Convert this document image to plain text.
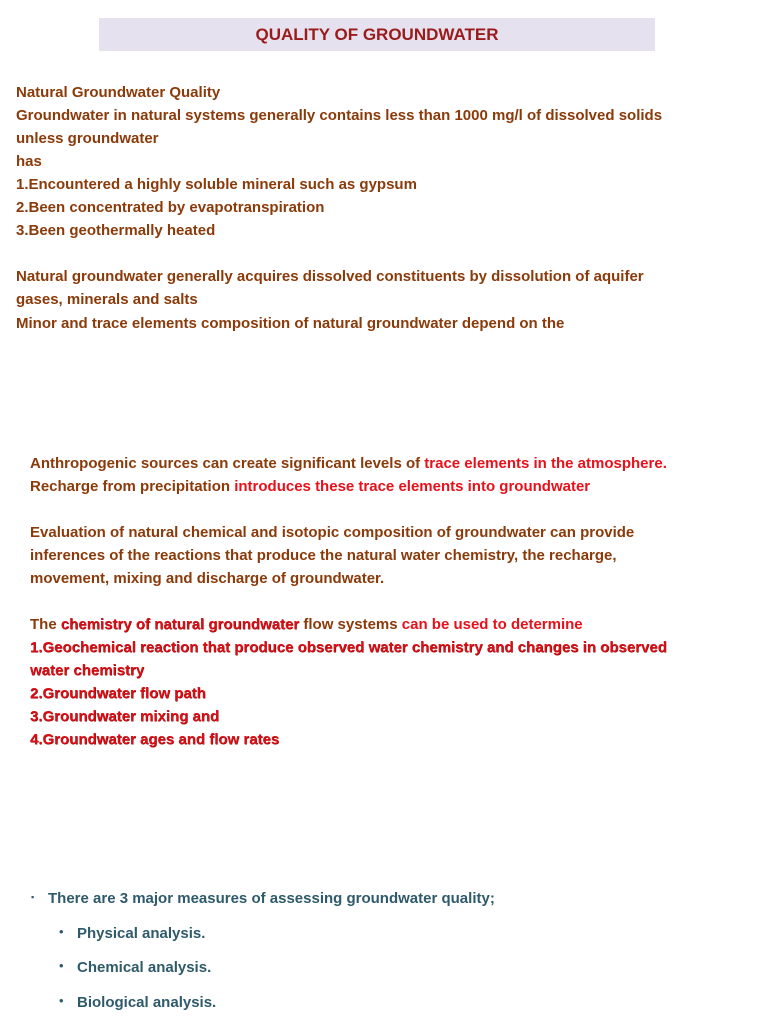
QUALITY OF GROUNDWATER
Natural Groundwater Quality
Groundwater in natural systems generally contains less than 1000 mg/l of dissolved solids
unless groundwater
has
1.Encountered a highly soluble mineral such as gypsum
2.Been concentrated by evapotranspiration
3.Been geothermally heated
Natural groundwater generally acquires dissolved constituents by dissolution of aquifer
gases, minerals and salts
Minor and trace elements composition of natural groundwater depend on the
Anthropogenic sources can create significant levels of trace elements in the atmosphere.
Recharge from precipitation introduces these trace elements into groundwater
Evaluation of natural chemical and isotopic composition of groundwater can provide
inferences of the reactions that produce the natural water chemistry, the recharge,
movement, mixing and discharge of groundwater.
The chemistry of natural groundwater flow systems can be used to determine
1.Geochemical reaction that produce observed water chemistry and changes in observed
water chemistry
2.Groundwater flow path
3.Groundwater mixing and
4.Groundwater ages and flow rates
▪ There are 3 major measures of assessing groundwater quality;
• Physical analysis.
• Chemical analysis.
• Biological analysis.
